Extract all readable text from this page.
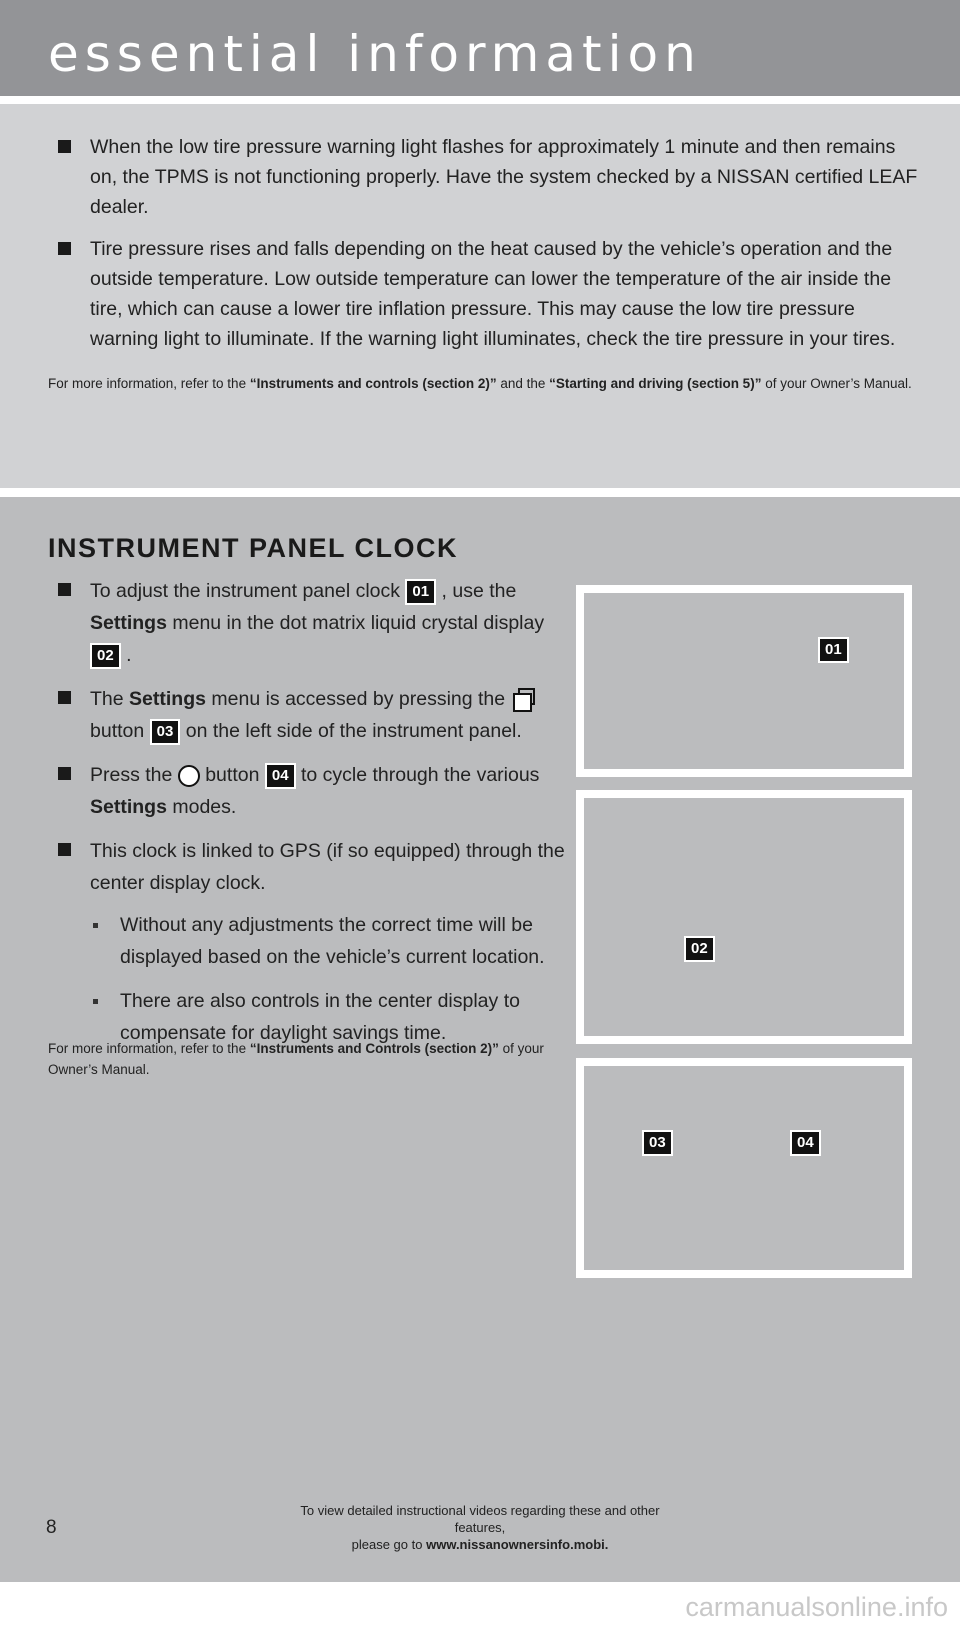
essential information
When the low tire pressure warning light flashes for approximately 1 minute and then remains on, the TPMS is not functioning properly. Have the system checked by a NISSAN certified LEAF dealer.
Tire pressure rises and falls depending on the heat caused by the vehicle’s operation and the outside temperature. Low outside temperature can lower the temperature of the air inside the tire, which can cause a lower tire inflation pressure. This may cause the low tire pressure warning light to illuminate. If the warning light illuminates, check the tire pressure in your tires.
For more information, refer to the “Instruments and controls (section 2)” and the “Starting and driving (section 5)” of your Owner’s Manual.
INSTRUMENT PANEL CLOCK
To adjust the instrument panel clock 01 , use the Settings menu in the dot matrix liquid crystal display 02 .
The Settings menu is accessed by pressing the
button 03 on the left side of the instrument panel.
Press the  button 04 to cycle through the various Settings modes.
This clock is linked to GPS (if so equipped) through the center display clock.
Without any adjustments the correct time will be displayed based on the vehicle’s current location.
There are also controls in the center display to compensate for daylight savings time.
For more information, refer to the “Instruments and Controls (section 2)” of your Owner’s Manual.
01
02
03	04
To view detailed instructional videos regarding these and other features,
please go to www.nissanownersinfo.mobi.
8
carmanualsonline.info
